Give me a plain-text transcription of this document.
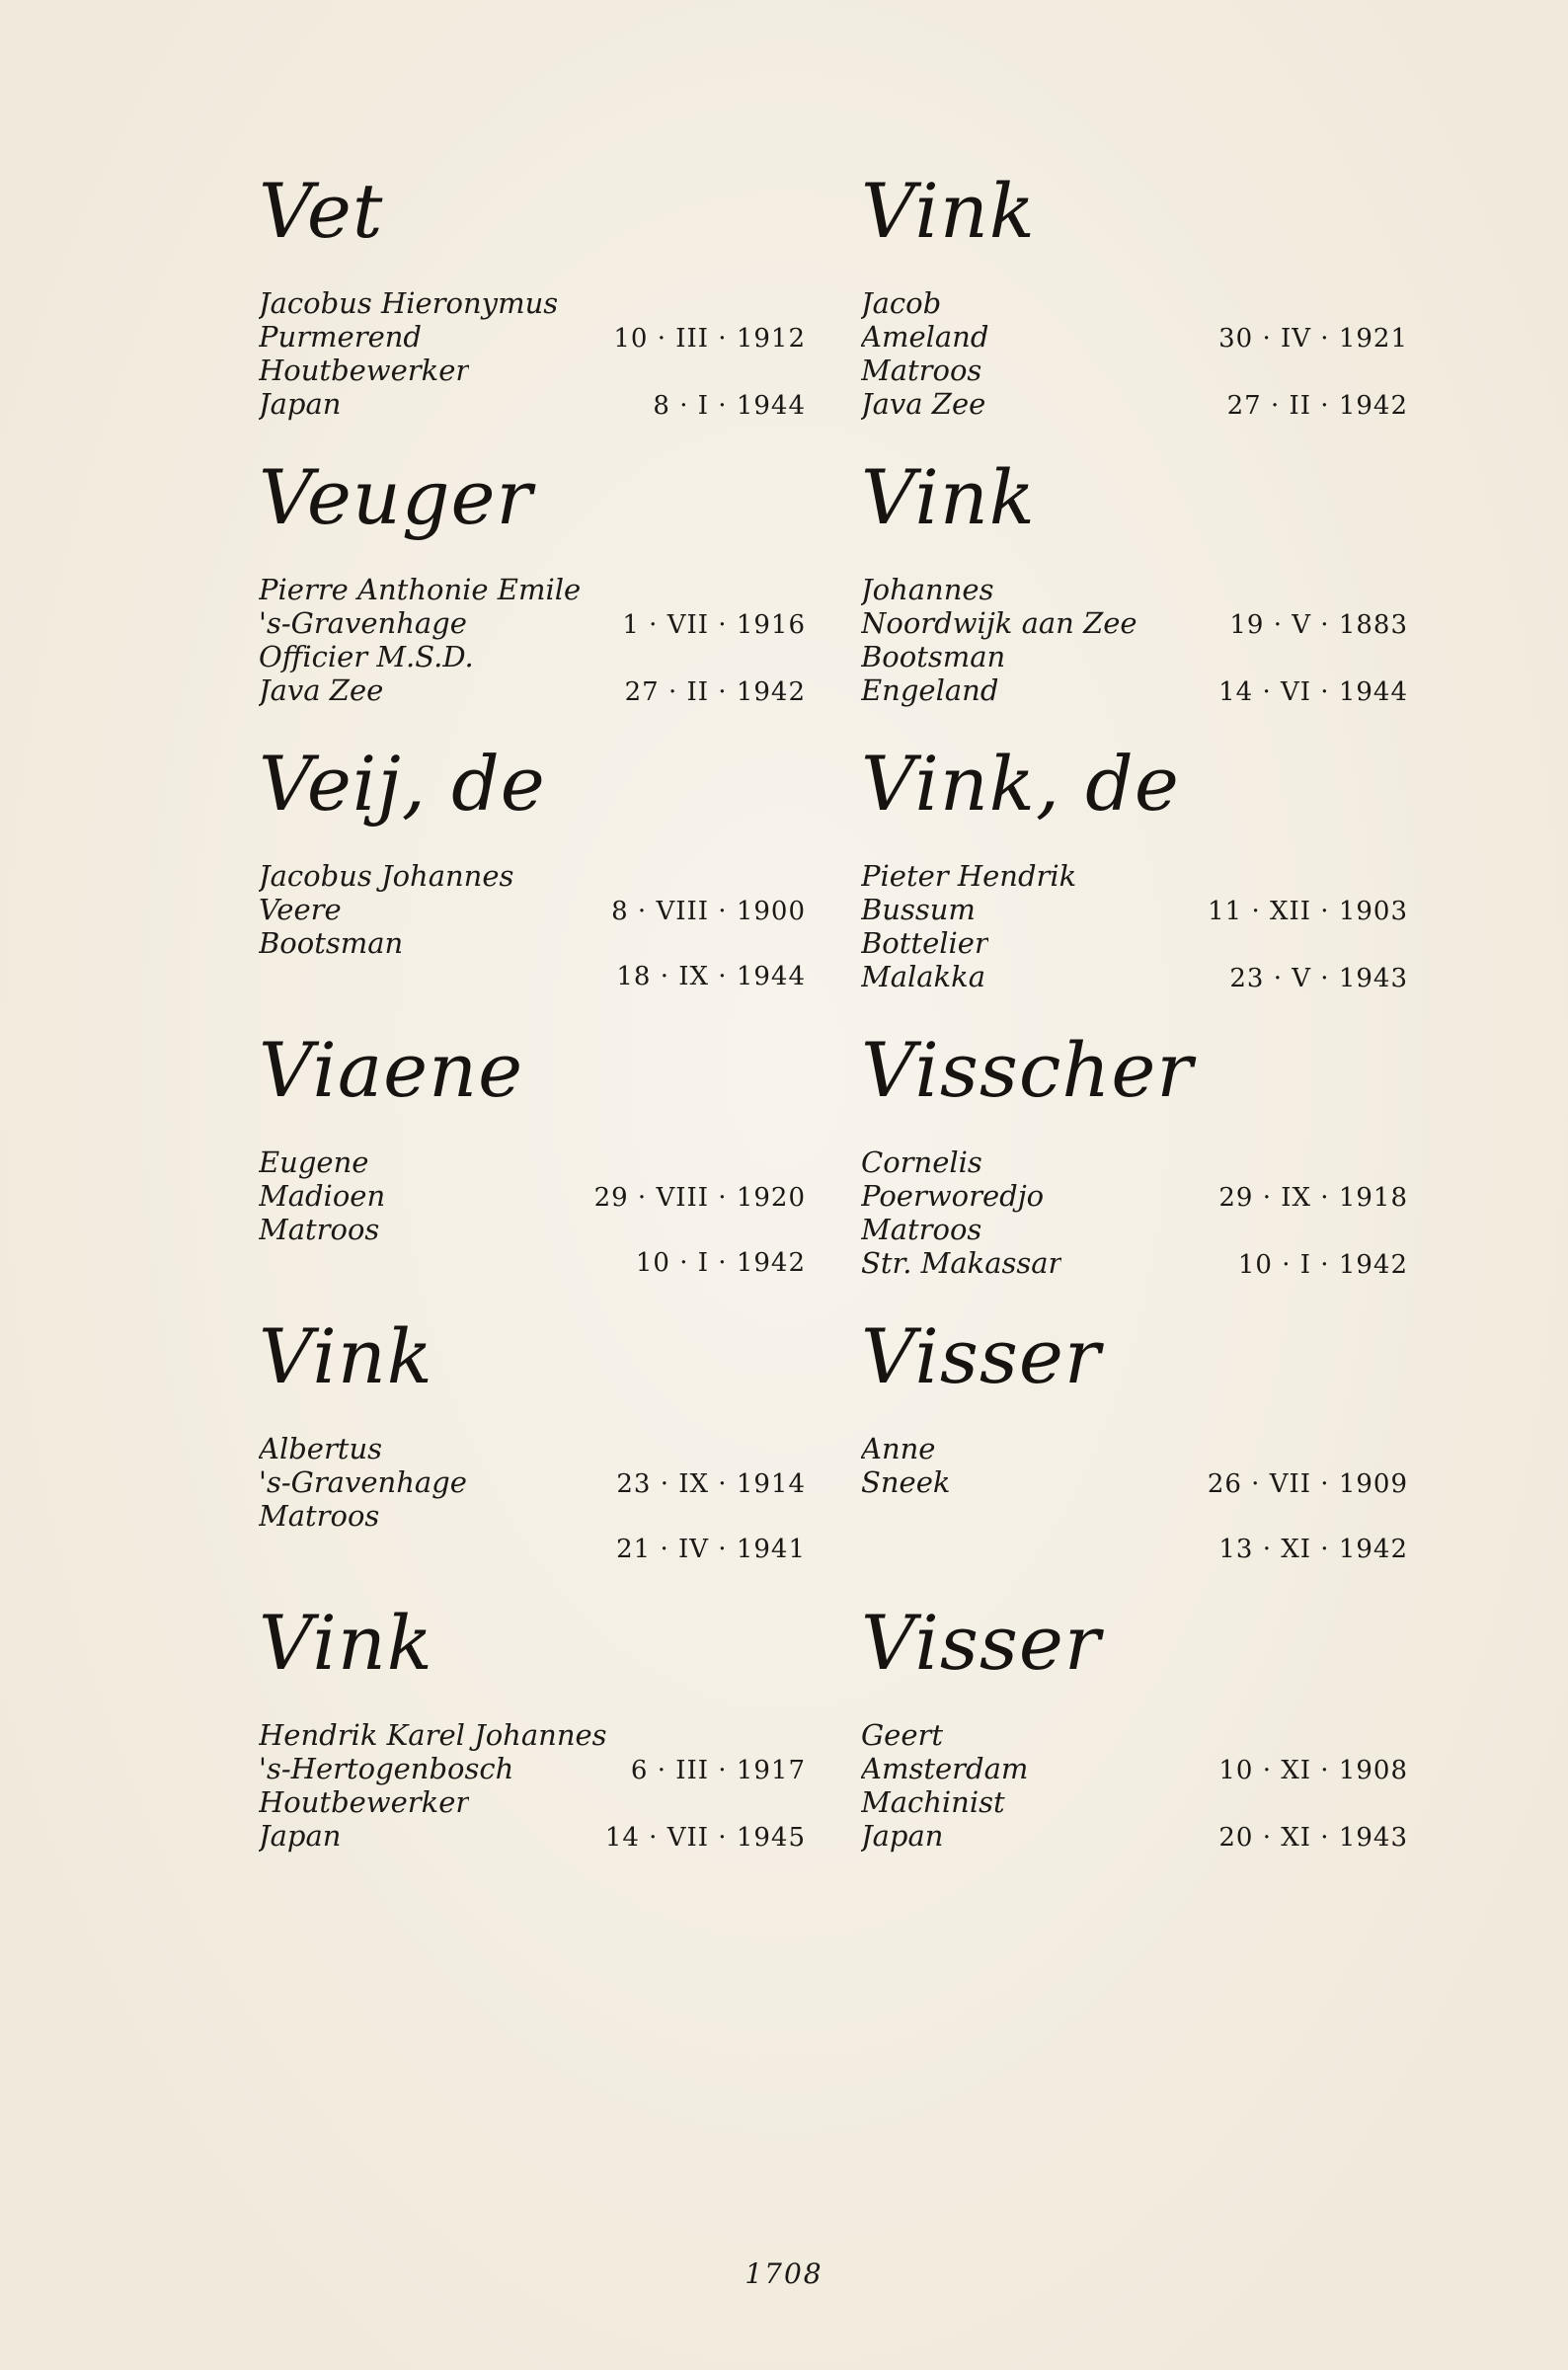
Vet
Jacobus Hieronymus
Purmerend	10 · III · 1912
Houtbewerker
Japan	8 · I · 1944
Veuger
Pierre Anthonie Emile
's-Gravenhage	1 · VII · 1916
Officier M.S.D.
Java Zee	27 · II · 1942
Veij, de
Jacobus Johannes
Veere	8 · VIII · 1900
Bootsman
18 · IX · 1944
Viaene
Eugene
Madioen	29 · VIII · 1920
Matroos
10 · I · 1942
Vink
Albertus
's-Gravenhage	23 · IX · 1914
Matroos
21 · IV · 1941
Vink
Hendrik Karel Johannes
's-Hertogenbosch	6 · III · 1917
Houtbewerker
Japan	14 · VII · 1945
Vink
Jacob
Ameland	30 · IV · 1921
Matroos
Java Zee	27 · II · 1942
Vink
Johannes
Noordwijk aan Zee	19 · V · 1883
Bootsman
Engeland	14 · VI · 1944
Vink, de
Pieter Hendrik
Bussum	11 · XII · 1903
Bottelier
Malakka	23 · V · 1943
Visscher
Cornelis
Poerworedjo	29 · IX · 1918
Matroos
Str. Makassar	10 · I · 1942
Visser
Anne
Sneek	26 · VII · 1909
13 · XI · 1942
Visser
Geert
Amsterdam	10 · XI · 1908
Machinist
Japan	20 · XI · 1943
1708
